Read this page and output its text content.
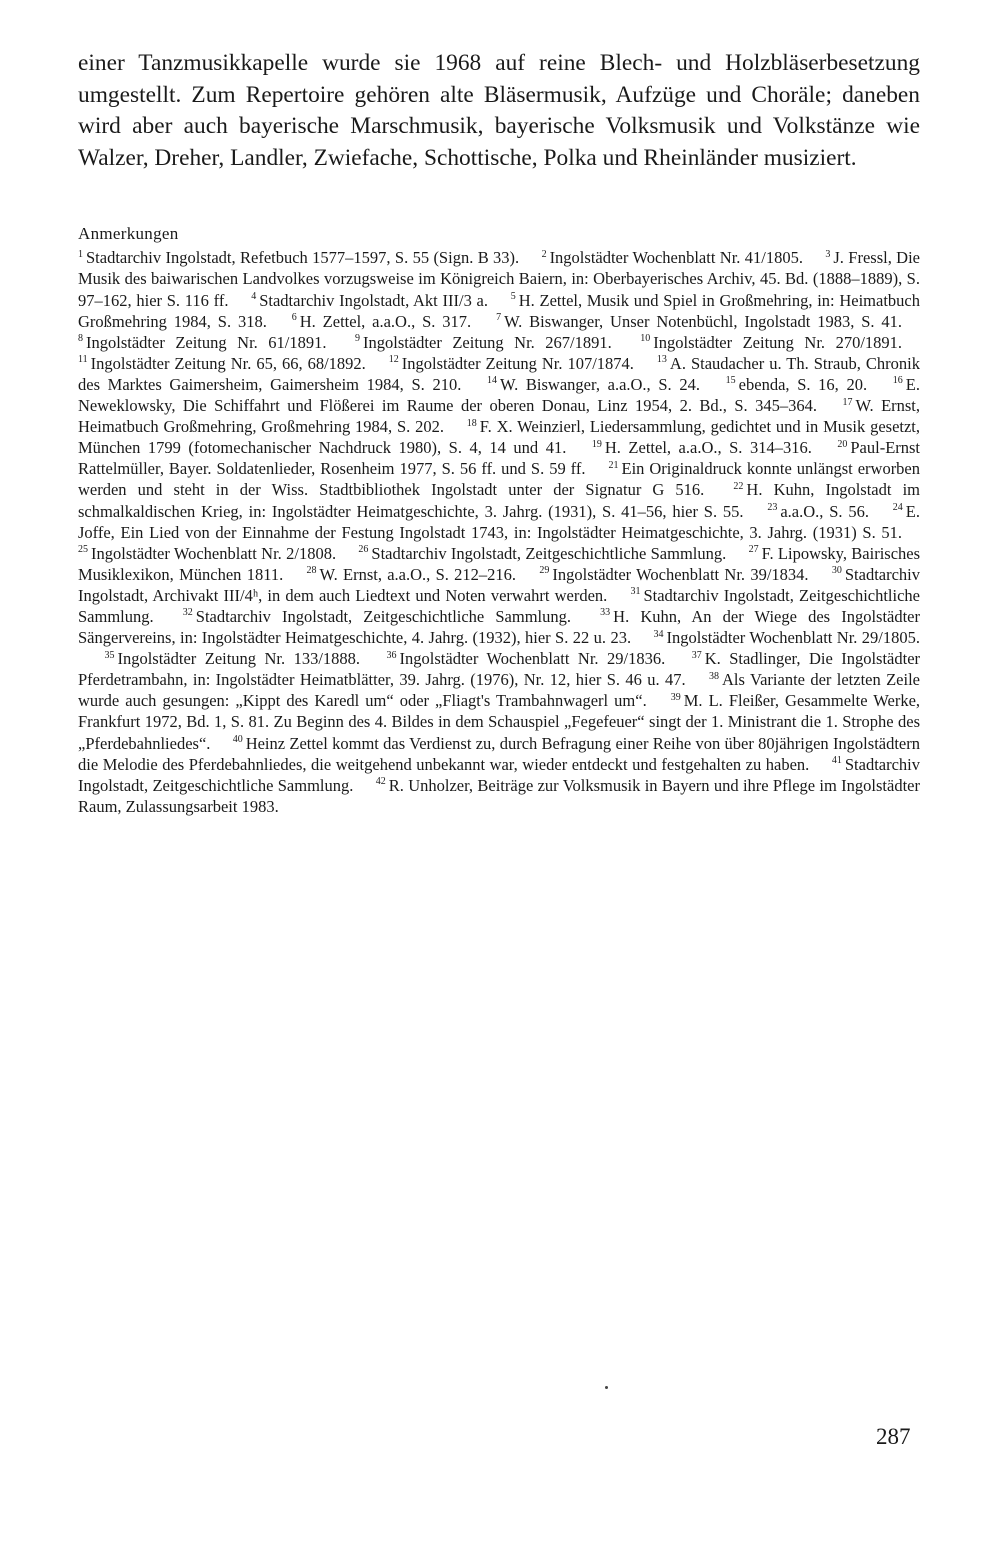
einer Tanzmusikkapelle wurde sie 1968 auf reine Blech- und Holzbläserbesetzung umgestellt. Zum Repertoire gehören alte Bläsermusik, Aufzüge und Choräle; daneben wird aber auch bayerische Marschmusik, bayerische Volksmusik und Volkstänze wie Walzer, Dreher, Landler, Zwiefache, Schottische, Polka und Rheinländer musiziert.

Anmerkungen

$^1$ Stadtarchiv Ingolstadt, Refetbuch 1577–1597, S. 55 (Sign. B 33). $^2$ Ingolstädter Wochenblatt Nr. 41/1805. $^3$ J. Fressl, Die Musik des baiwarischen Landvolkes vorzugsweise im Königreich Baiern, in: Oberbayerisches Archiv, 45. Bd. (1888–1889), S. 97–162, hier S. 116 ff. $^4$ Stadtarchiv Ingolstadt, Akt III/3 a. $^5$ H. Zettel, Musik und Spiel in Großmehring, in: Heimatbuch Großmehring 1984, S. 318. $^6$ H. Zettel, a.a.O., S. 317. $^7$ W. Biswanger, Unser Notenbüchl, Ingolstadt 1983, S. 41. $^8$ Ingolstädter Zeitung Nr. 61/1891.	$^9$ Ingolstädter Zeitung Nr. 267/1891.	$^{10}$ Ingolstädter Zeitung Nr. 270/1891. $^{11}$ Ingolstädter Zeitung Nr. 65, 66, 68/1892. $^{12}$ Ingolstädter Zeitung Nr. 107/1874. $^{13}$ A. Staudacher u. Th. Straub, Chronik des Marktes Gaimersheim, Gaimersheim 1984, S. 210.	$^{14}$ W. Biswanger, a.a.O., S. 24.	$^{15}$ ebenda, S. 16, 20.	$^{16}$ E. Neweklowsky, Die Schiffahrt und Flößerei im Raume der oberen Donau, Linz 1954, 2. Bd., S. 345–364.	$^{17}$ W. Ernst, Heimatbuch Großmehring, Großmehring 1984, S. 202. $^{18}$ F. X. Weinzierl, Liedersammlung, gedichtet und in Musik gesetzt, München 1799 (fotomechanischer Nachdruck 1980), S. 4, 14 und 41.	$^{19}$ H. Zettel, a.a.O., S. 314–316.	$^{20}$ Paul-Ernst Rattelmüller, Bayer. Soldatenlieder, Rosenheim 1977, S. 56 ff. und S. 59 ff. $^{21}$ Ein Originaldruck konnte unlängst erworben werden und steht in der Wiss. Stadtbibliothek Ingolstadt unter der Signatur G 516.	$^{22}$ H. Kuhn, Ingolstadt im schmalkaldischen Krieg, in: Ingolstädter Heimatgeschichte, 3. Jahrg. (1931), S. 41–56, hier S. 55. $^{23}$ a.a.O., S. 56. $^{24}$ E. Joffe, Ein Lied von der Einnahme der Festung Ingolstadt 1743, in: Ingolstädter Heimatgeschichte, 3. Jahrg. (1931) S. 51. $^{25}$ Ingolstädter Wochenblatt Nr. 2/1808. $^{26}$ Stadtarchiv Ingolstadt, Zeitgeschichtliche Sammlung. $^{27}$ F. Lipowsky, Bairisches Musiklexikon, München 1811. $^{28}$ W. Ernst, a.a.O., S. 212–216. $^{29}$ Ingolstädter Wochenblatt Nr. 39/1834. $^{30}$ Stadtarchiv Ingolstadt, Archivakt III/4ʰ, in dem auch Liedtext und Noten verwahrt werden. $^{31}$ Stadtarchiv Ingolstadt, Zeitgeschichtliche Sammlung.	$^{32}$ Stadtarchiv Ingolstadt, Zeitgeschichtliche Sammlung.	$^{33}$ H. Kuhn, An der Wiege des Ingolstädter Sängervereins, in: Ingolstädter Heimatgeschichte, 4. Jahrg. (1932), hier S. 22 u. 23. $^{34}$ Ingolstädter Wochenblatt Nr. 29/1805. $^{35}$ Ingolstädter Zeitung Nr. 133/1888.	$^{36}$ Ingolstädter Wochenblatt Nr. 29/1836.	$^{37}$ K. Stadlinger, Die Ingolstädter Pferdetrambahn, in: Ingolstädter Heimatblätter, 39. Jahrg. (1976), Nr. 12, hier S. 46 u. 47. $^{38}$ Als Variante der letzten Zeile wurde auch gesungen: „Kippt des Karedl um“ oder „Fliagt's Trambahnwagerl um“. $^{39}$ M. L. Fleißer, Gesammelte Werke, Frankfurt 1972, Bd. 1, S. 81. Zu Beginn des 4. Bildes in dem Schauspiel „Fegefeuer“ singt der 1. Ministrant die 1. Strophe des „Pferdebahnliedes“. $^{40}$ Heinz Zettel kommt das Verdienst zu, durch Befragung einer Reihe von über 80jährigen Ingolstädtern die Melodie des Pferdebahnliedes, die weitgehend unbekannt war, wieder entdeckt und festgehalten zu haben. $^{41}$ Stadtarchiv Ingolstadt, Zeitgeschichtliche Sammlung. $^{42}$ R. Unholzer, Beiträge zur Volksmusik in Bayern und ihre Pflege im Ingolstädter Raum, Zulassungsarbeit 1983.

287
